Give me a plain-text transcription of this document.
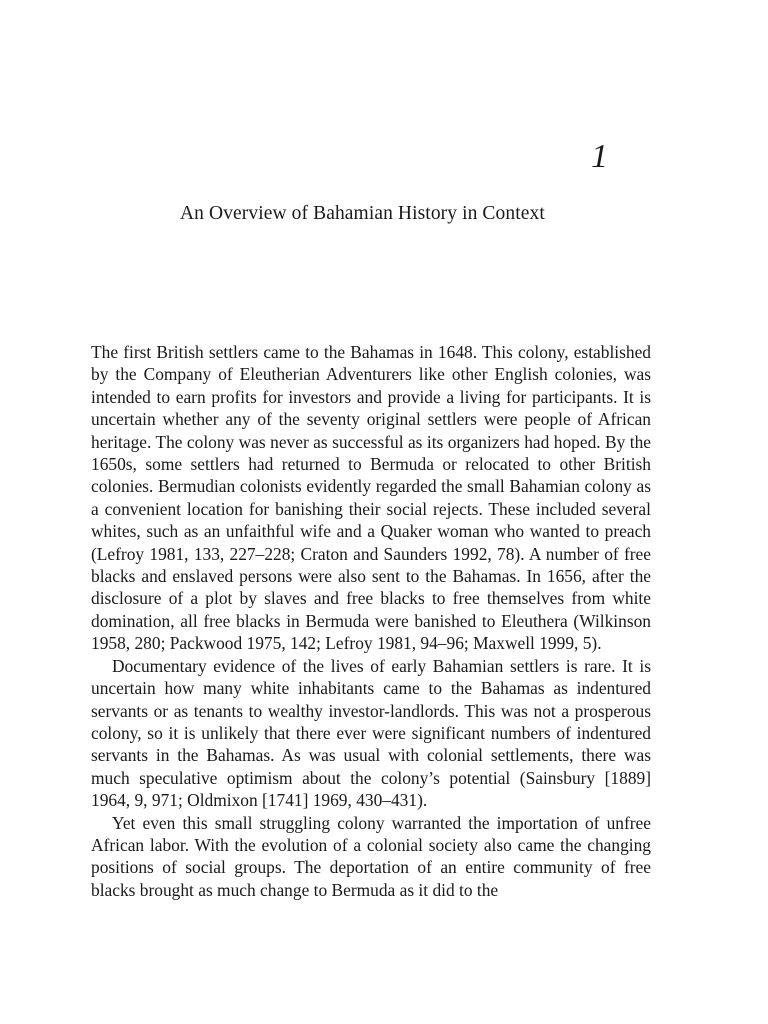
1
An Overview of Bahamian History in Context

The first British settlers came to the Bahamas in 1648. This colony, established by the Company of Eleutherian Adventurers like other English colonies, was intended to earn profits for investors and provide a living for participants. It is uncertain whether any of the seventy original settlers were people of African heritage. The colony was never as successful as its organizers had hoped. By the 1650s, some settlers had returned to Bermuda or relocated to other British colonies. Bermudian colonists evidently regarded the small Bahamian colony as a convenient location for banishing their social rejects. These included several whites, such as an unfaithful wife and a Quaker woman who wanted to preach (Lefroy 1981, 133, 227–228; Craton and Saunders 1992, 78). A number of free blacks and enslaved persons were also sent to the Bahamas. In 1656, after the disclosure of a plot by slaves and free blacks to free themselves from white domination, all free blacks in Bermuda were banished to Eleuthera (Wilkinson 1958, 280; Packwood 1975, 142; Lefroy 1981, 94–96; Maxwell 1999, 5).

Documentary evidence of the lives of early Bahamian settlers is rare. It is uncertain how many white inhabitants came to the Bahamas as indentured servants or as tenants to wealthy investor-landlords. This was not a prosperous colony, so it is unlikely that there ever were significant numbers of indentured servants in the Bahamas. As was usual with colonial settlements, there was much speculative optimism about the colony’s potential (Sainsbury [1889] 1964, 9, 971; Oldmixon [1741] 1969, 430–431).

Yet even this small struggling colony warranted the importation of unfree African labor. With the evolution of a colonial society also came the changing positions of social groups. The deportation of an entire community of free blacks brought as much change to Bermuda as it did to the
